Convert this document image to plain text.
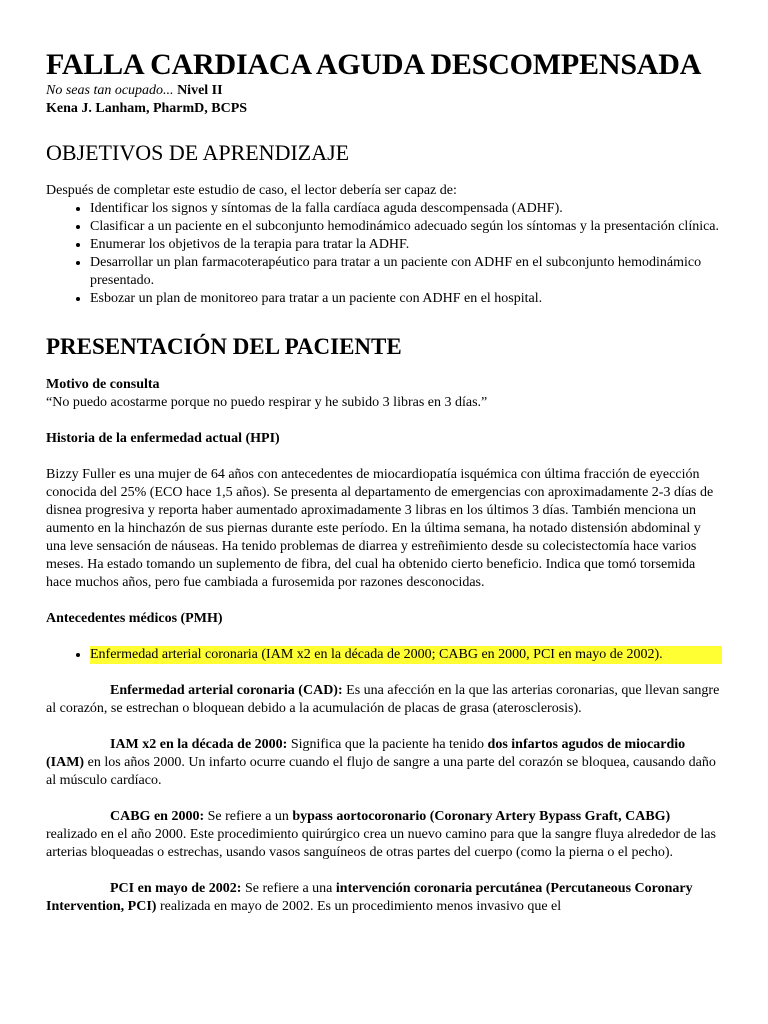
FALLA CARDIACA AGUDA DESCOMPENSADA

No seas tan ocupado... Nivel II

Kena J. Lanham, PharmD, BCPS

OBJETIVOS DE APRENDIZAJE

Después de completar este estudio de caso, el lector debería ser capaz de:

• Identificar los signos y síntomas de la falla cardíaca aguda descompensada (ADHF).
• Clasificar a un paciente en el subconjunto hemodinámico adecuado según los síntomas y la presentación clínica.
• Enumerar los objetivos de la terapia para tratar la ADHF.
• Desarrollar un plan farmacoterapéutico para tratar a un paciente con ADHF en el subconjunto hemodinámico presentado.
• Esbozar un plan de monitoreo para tratar a un paciente con ADHF en el hospital.
PRESENTACIÓN DEL PACIENTE

Motivo de consulta

“No puedo acostarme porque no puedo respirar y he subido 3 libras en 3 días.”

Historia de la enfermedad actual (HPI)

Bizzy Fuller es una mujer de 64 años con antecedentes de miocardiopatía isquémica con última fracción de eyección conocida del 25% (ECO hace 1,5 años). Se presenta al departamento de emergencias con aproximadamente 2-3 días de disnea progresiva y reporta haber aumentado aproximadamente 3 libras en los últimos 3 días. También menciona un aumento en la hinchazón de sus piernas durante este período. En la última semana, ha notado distensión abdominal y una leve sensación de náuseas. Ha tenido problemas de diarrea y estreñimiento desde su colecistectomía hace varios meses. Ha estado tomando un suplemento de fibra, del cual ha obtenido cierto beneficio. Indica que tomó torsemida hace muchos años, pero fue cambiada a furosemida por razones desconocidas.

Antecedentes médicos (PMH)

• Enfermedad arterial coronaria (IAM x2 en la década de 2000; CABG en 2000, PCI en mayo de 2002).

Enfermedad arterial coronaria (CAD): Es una afección en la que las arterias coronarias, que llevan sangre al corazón, se estrechan o bloquean debido a la acumulación de placas de grasa (aterosclerosis).

IAM x2 en la década de 2000: Significa que la paciente ha tenido dos infartos agudos de miocardio (IAM) en los años 2000. Un infarto ocurre cuando el flujo de sangre a una parte del corazón se bloquea, causando daño al músculo cardíaco.

CABG en 2000: Se refiere a un bypass aortocoronario (Coronary Artery Bypass Graft, CABG) realizado en el año 2000. Este procedimiento quirúrgico crea un nuevo camino para que la sangre fluya alrededor de las arterias bloqueadas o estrechas, usando vasos sanguíneos de otras partes del cuerpo (como la pierna o el pecho).

PCI en mayo de 2002: Se refiere a una intervención coronaria percutánea (Percutaneous Coronary Intervention, PCI) realizada en mayo de 2002. Es un procedimiento menos invasivo que el
